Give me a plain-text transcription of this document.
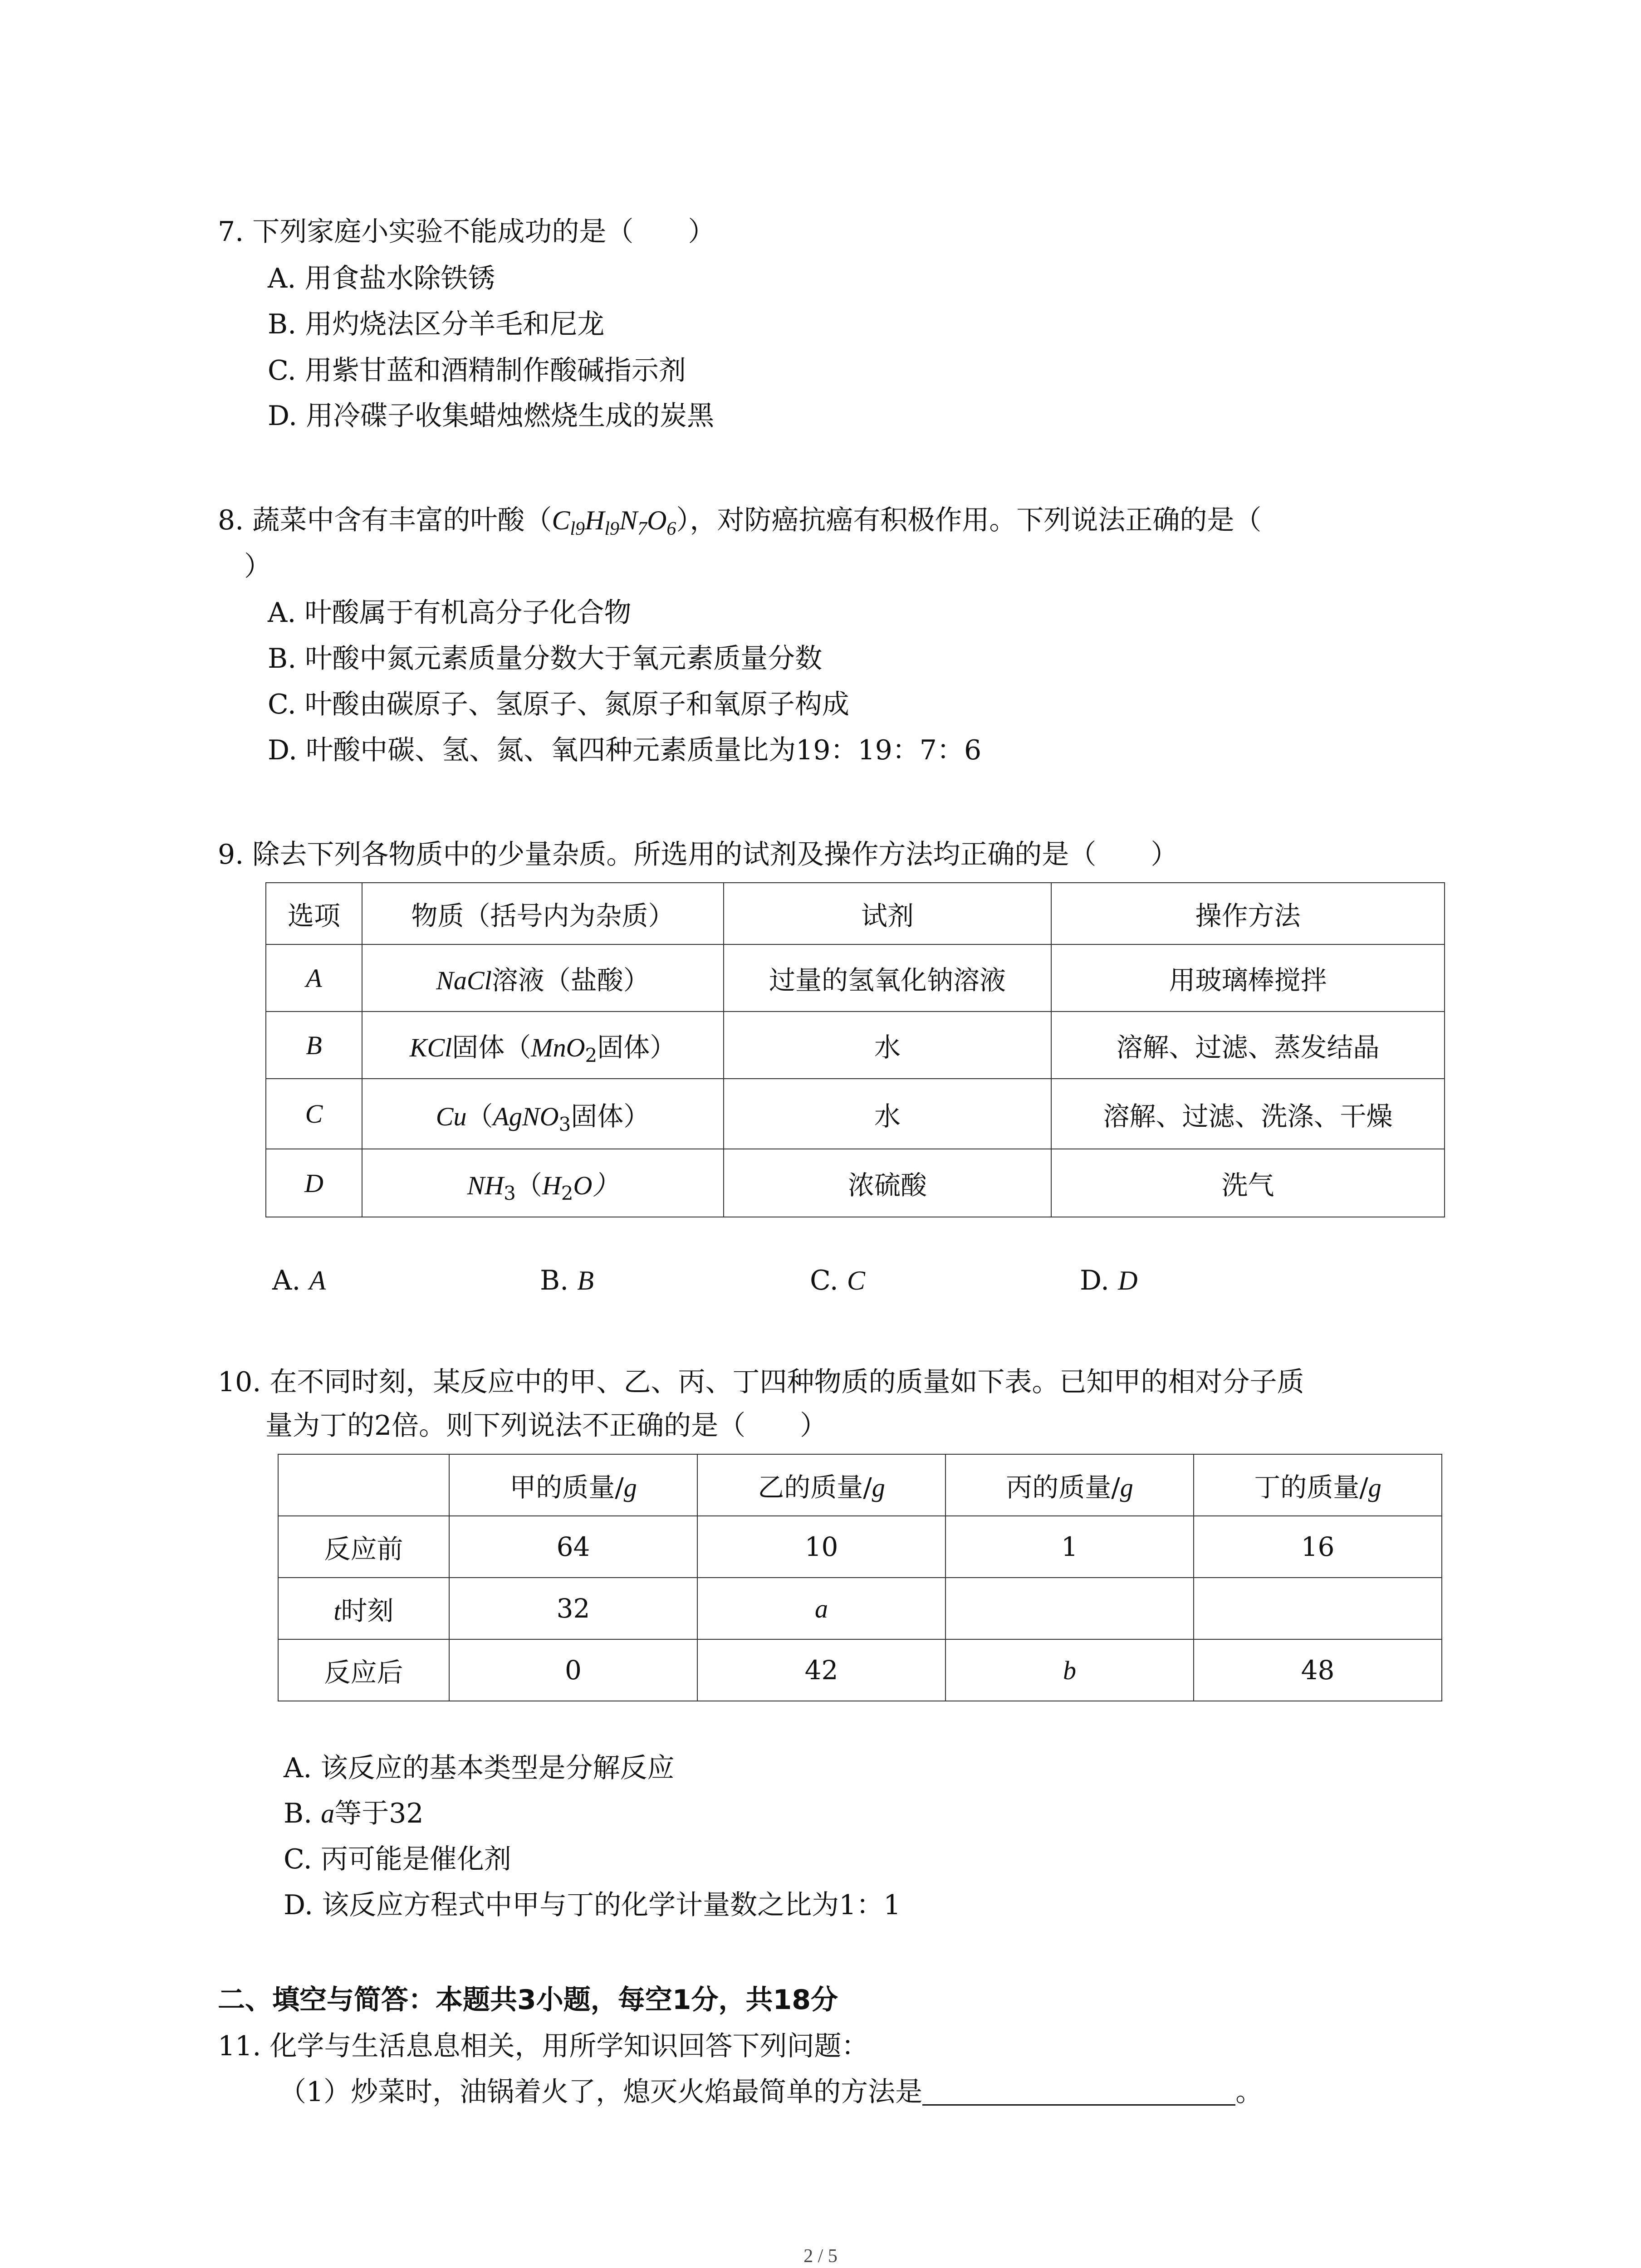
7. 下列家庭小实验不能成功的是（　　）
A. 用食盐水除铁锈
B. 用灼烧法区分羊毛和尼龙
C. 用紫甘蓝和酒精制作酸碱指示剂
D. 用冷碟子收集蜡烛燃烧生成的炭黑
8. 蔬菜中含有丰富的叶酸$(C_{l9}H_{l9}N_7O_6)$，对防癌抗癌有积极作用。下列说法正确的是（
）
A. 叶酸属于有机高分子化合物
B. 叶酸中氮元素质量分数大于氧元素质量分数
C. 叶酸由碳原子、氢原子、氮原子和氧原子构成
D. 叶酸中碳、氢、氮、氧四种元素质量比为19：19：7：6
9. 除去下列各物质中的少量杂质。所选用的试剂及操作方法均正确的是（　　）
选项	物质（括号内为杂质）	试剂	操作方法
A	NaCl溶液（盐酸）	过量的氢氧化钠溶液	用玻璃棒搅拌
B	KCl固体（MnO$_2$固体）	水	溶解、过滤、蒸发结晶
C	Cu（AgNO$_3$固体）	水	溶解、过滤、洗涤、干燥
D	$NH_3(H_2O)$	浓硫酸	洗气
A. A	B. B	C. C	D. D
10. 在不同时刻，某反应中的甲、乙、丙、丁四种物质的质量如下表。已知甲的相对分子质
量为丁的2倍。则下列说法不正确的是（　　）
	甲的质量/g	乙的质量/g	丙的质量/g	丁的质量/g
反应前	64	10	1	16
t时刻	32	a		
反应后	0	42	b	48
A. 该反应的基本类型是分解反应
B. a等于32
C. 丙可能是催化剂
D. 该反应方程式中甲与丁的化学计量数之比为1：1
二、填空与简答：本题共3小题，每空1分，共18分
11. 化学与生活息息相关，用所学知识回答下列问题：
（1）炒菜时，油锅着火了，熄灭火焰最简单的方法是	。
2 / 5
